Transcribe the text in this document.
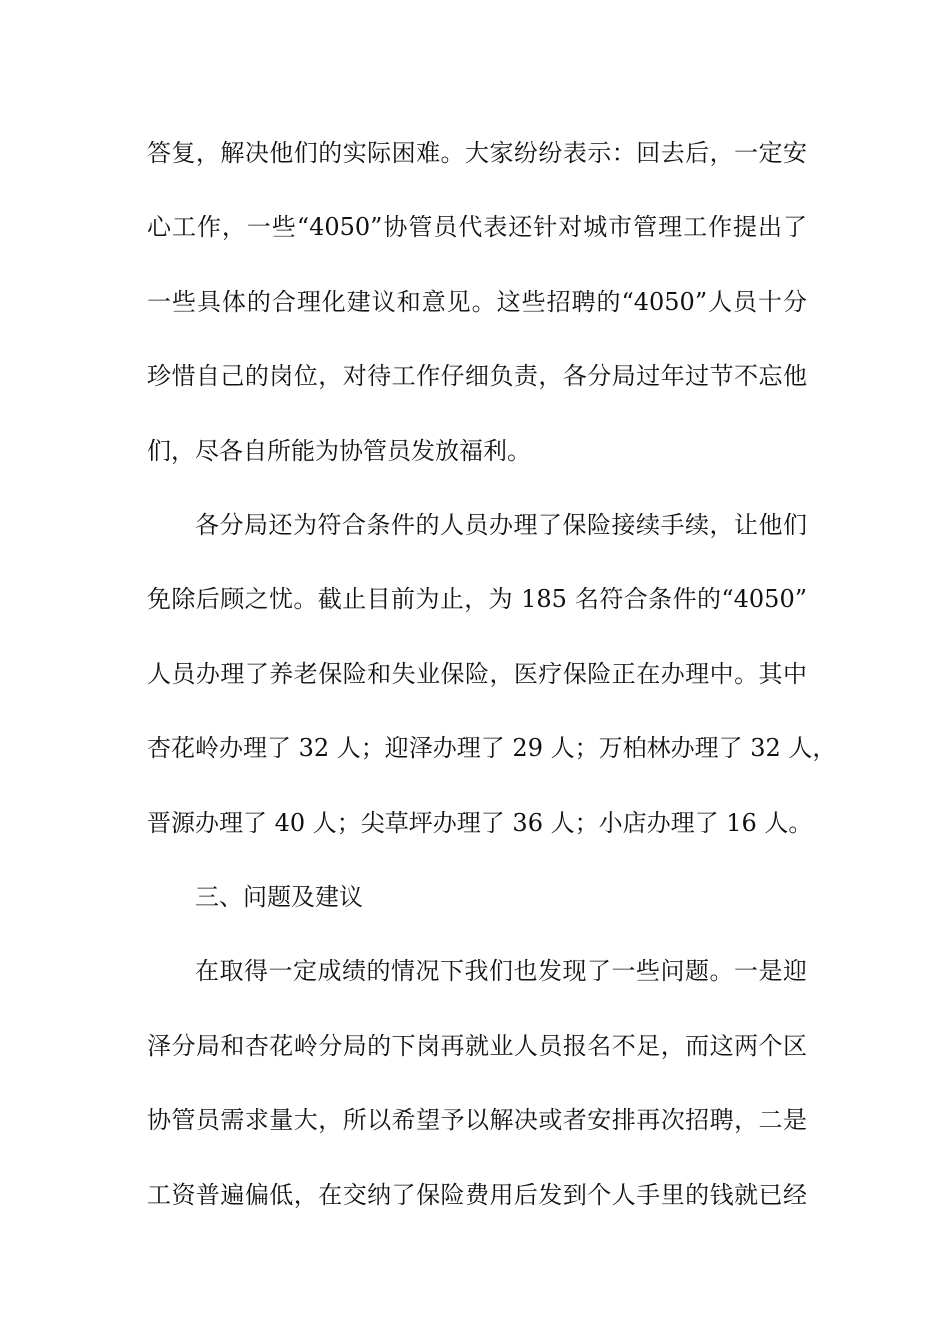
答复，解决他们的实际困难。大家纷纷表示：回去后，一定安
心工作，一些“4050”协管员代表还针对城市管理工作提出了
一些具体的合理化建议和意见。这些招聘的“4050”人员十分
珍惜自己的岗位，对待工作仔细负责，各分局过年过节不忘他
们，尽各自所能为协管员发放福利。
各分局还为符合条件的人员办理了保险接续手续，让他们
免除后顾之忧。截止目前为止，为 185 名符合条件的“4050”
人员办理了养老保险和失业保险，医疗保险正在办理中。其中
杏花岭办理了 32 人；迎泽办理了 29 人；万柏林办理了 32 人，
晋源办理了 40 人；尖草坪办理了 36 人；小店办理了 16 人。
三、问题及建议
在取得一定成绩的情况下我们也发现了一些问题。一是迎
泽分局和杏花岭分局的下岗再就业人员报名不足，而这两个区
协管员需求量大，所以希望予以解决或者安排再次招聘，二是
工资普遍偏低，在交纳了保险费用后发到个人手里的钱就已经
